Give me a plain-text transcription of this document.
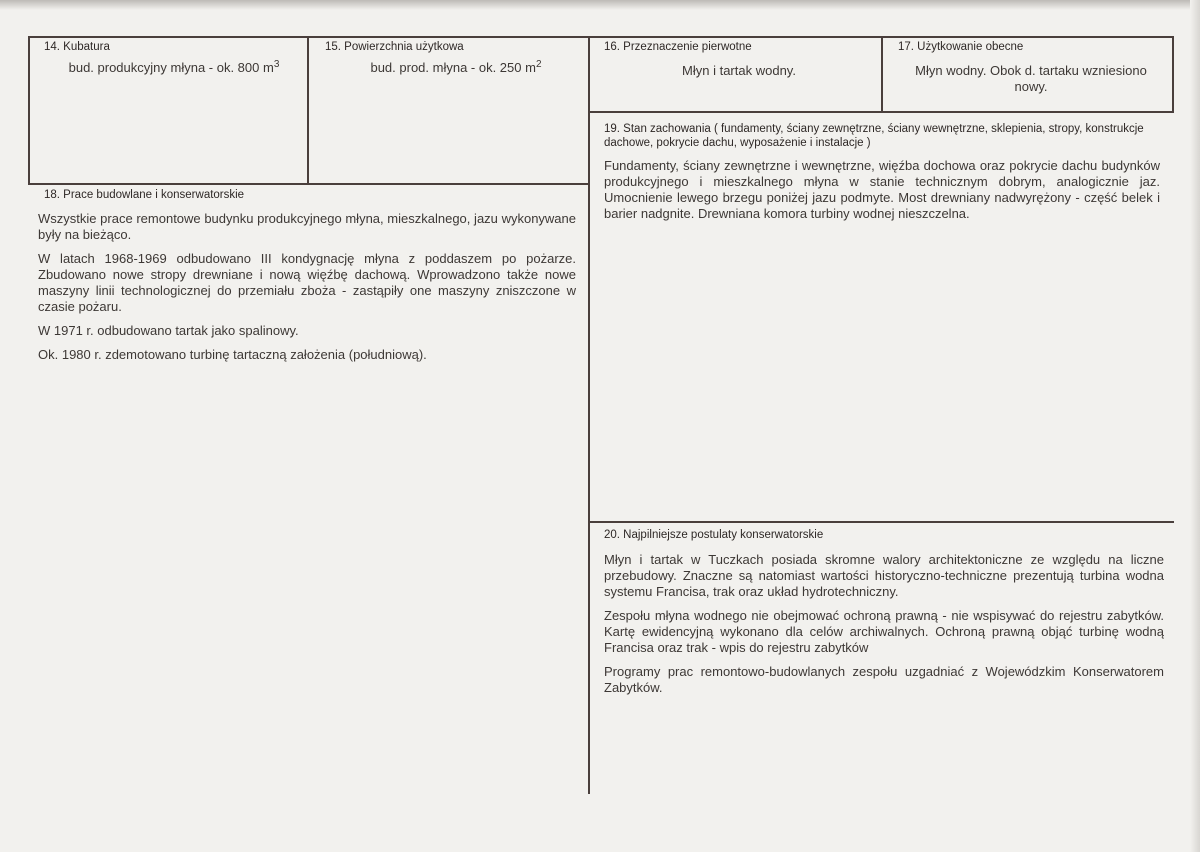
14. Kubatura
bud. produkcyjny młyna - ok. 800 $m^3$
15. Powierzchnia użytkowa
bud. prod. młyna - ok. 250 $m^2$
16. Przeznaczenie pierwotne
Młyn i tartak wodny.
17. Użytkowanie obecne
Młyn wodny. Obok d. tartaku wzniesiono nowy.
19. Stan zachowania ( fundamenty, ściany zewnętrzne, ściany wewnętrzne, sklepienia, stropy, konstrukcje dachowe, pokrycie dachu, wyposażenie i instalacje )
Fundamenty, ściany zewnętrzne i wewnętrzne, więźba dochowa oraz pokrycie dachu budynków produkcyjnego i mieszkalnego młyna w stanie technicznym dobrym, analogicznie jaz. Umocnienie lewego brzegu poniżej jazu podmyte. Most drewniany nadwyrężony - część belek i barier nadgnite. Drewniana komora turbiny wodnej nieszczelna.
18. Prace budowlane i konserwatorskie

Wszystkie prace remontowe budynku produkcyjnego młyna, mieszkalnego, jazu wykonywane były na bieżąco.

W latach 1968-1969 odbudowano III kondygnację młyna z poddaszem po pożarze. Zbudowano nowe stropy drewniane i nową więźbę dachową. Wprowadzono także nowe maszyny linii technologicznej do przemiału zboża - zastąpiły one maszyny zniszczone w czasie pożaru.

W 1971 r. odbudowano tartak jako spalinowy.

Ok. 1980 r. zdemotowano turbinę tartaczną założenia (południową).

20. Najpilniejsze postulaty konserwatorskie

Młyn i tartak w Tuczkach posiada skromne walory architektoniczne ze względu na liczne przebudowy. Znaczne są natomiast wartości historyczno-techniczne prezentują turbina wodna systemu Francisa, trak oraz układ hydrotechniczny.

Zespołu młyna wodnego nie obejmować ochroną prawną - nie wspisywać do rejestru zabytków. Kartę ewidencyjną wykonano dla celów archiwalnych. Ochroną prawną objąć turbinę wodną Francisa oraz trak - wpis do rejestru zabytków

Programy prac remontowo-budowlanych zespołu uzgadniać z Wojewódzkim Konserwatorem Zabytków.
